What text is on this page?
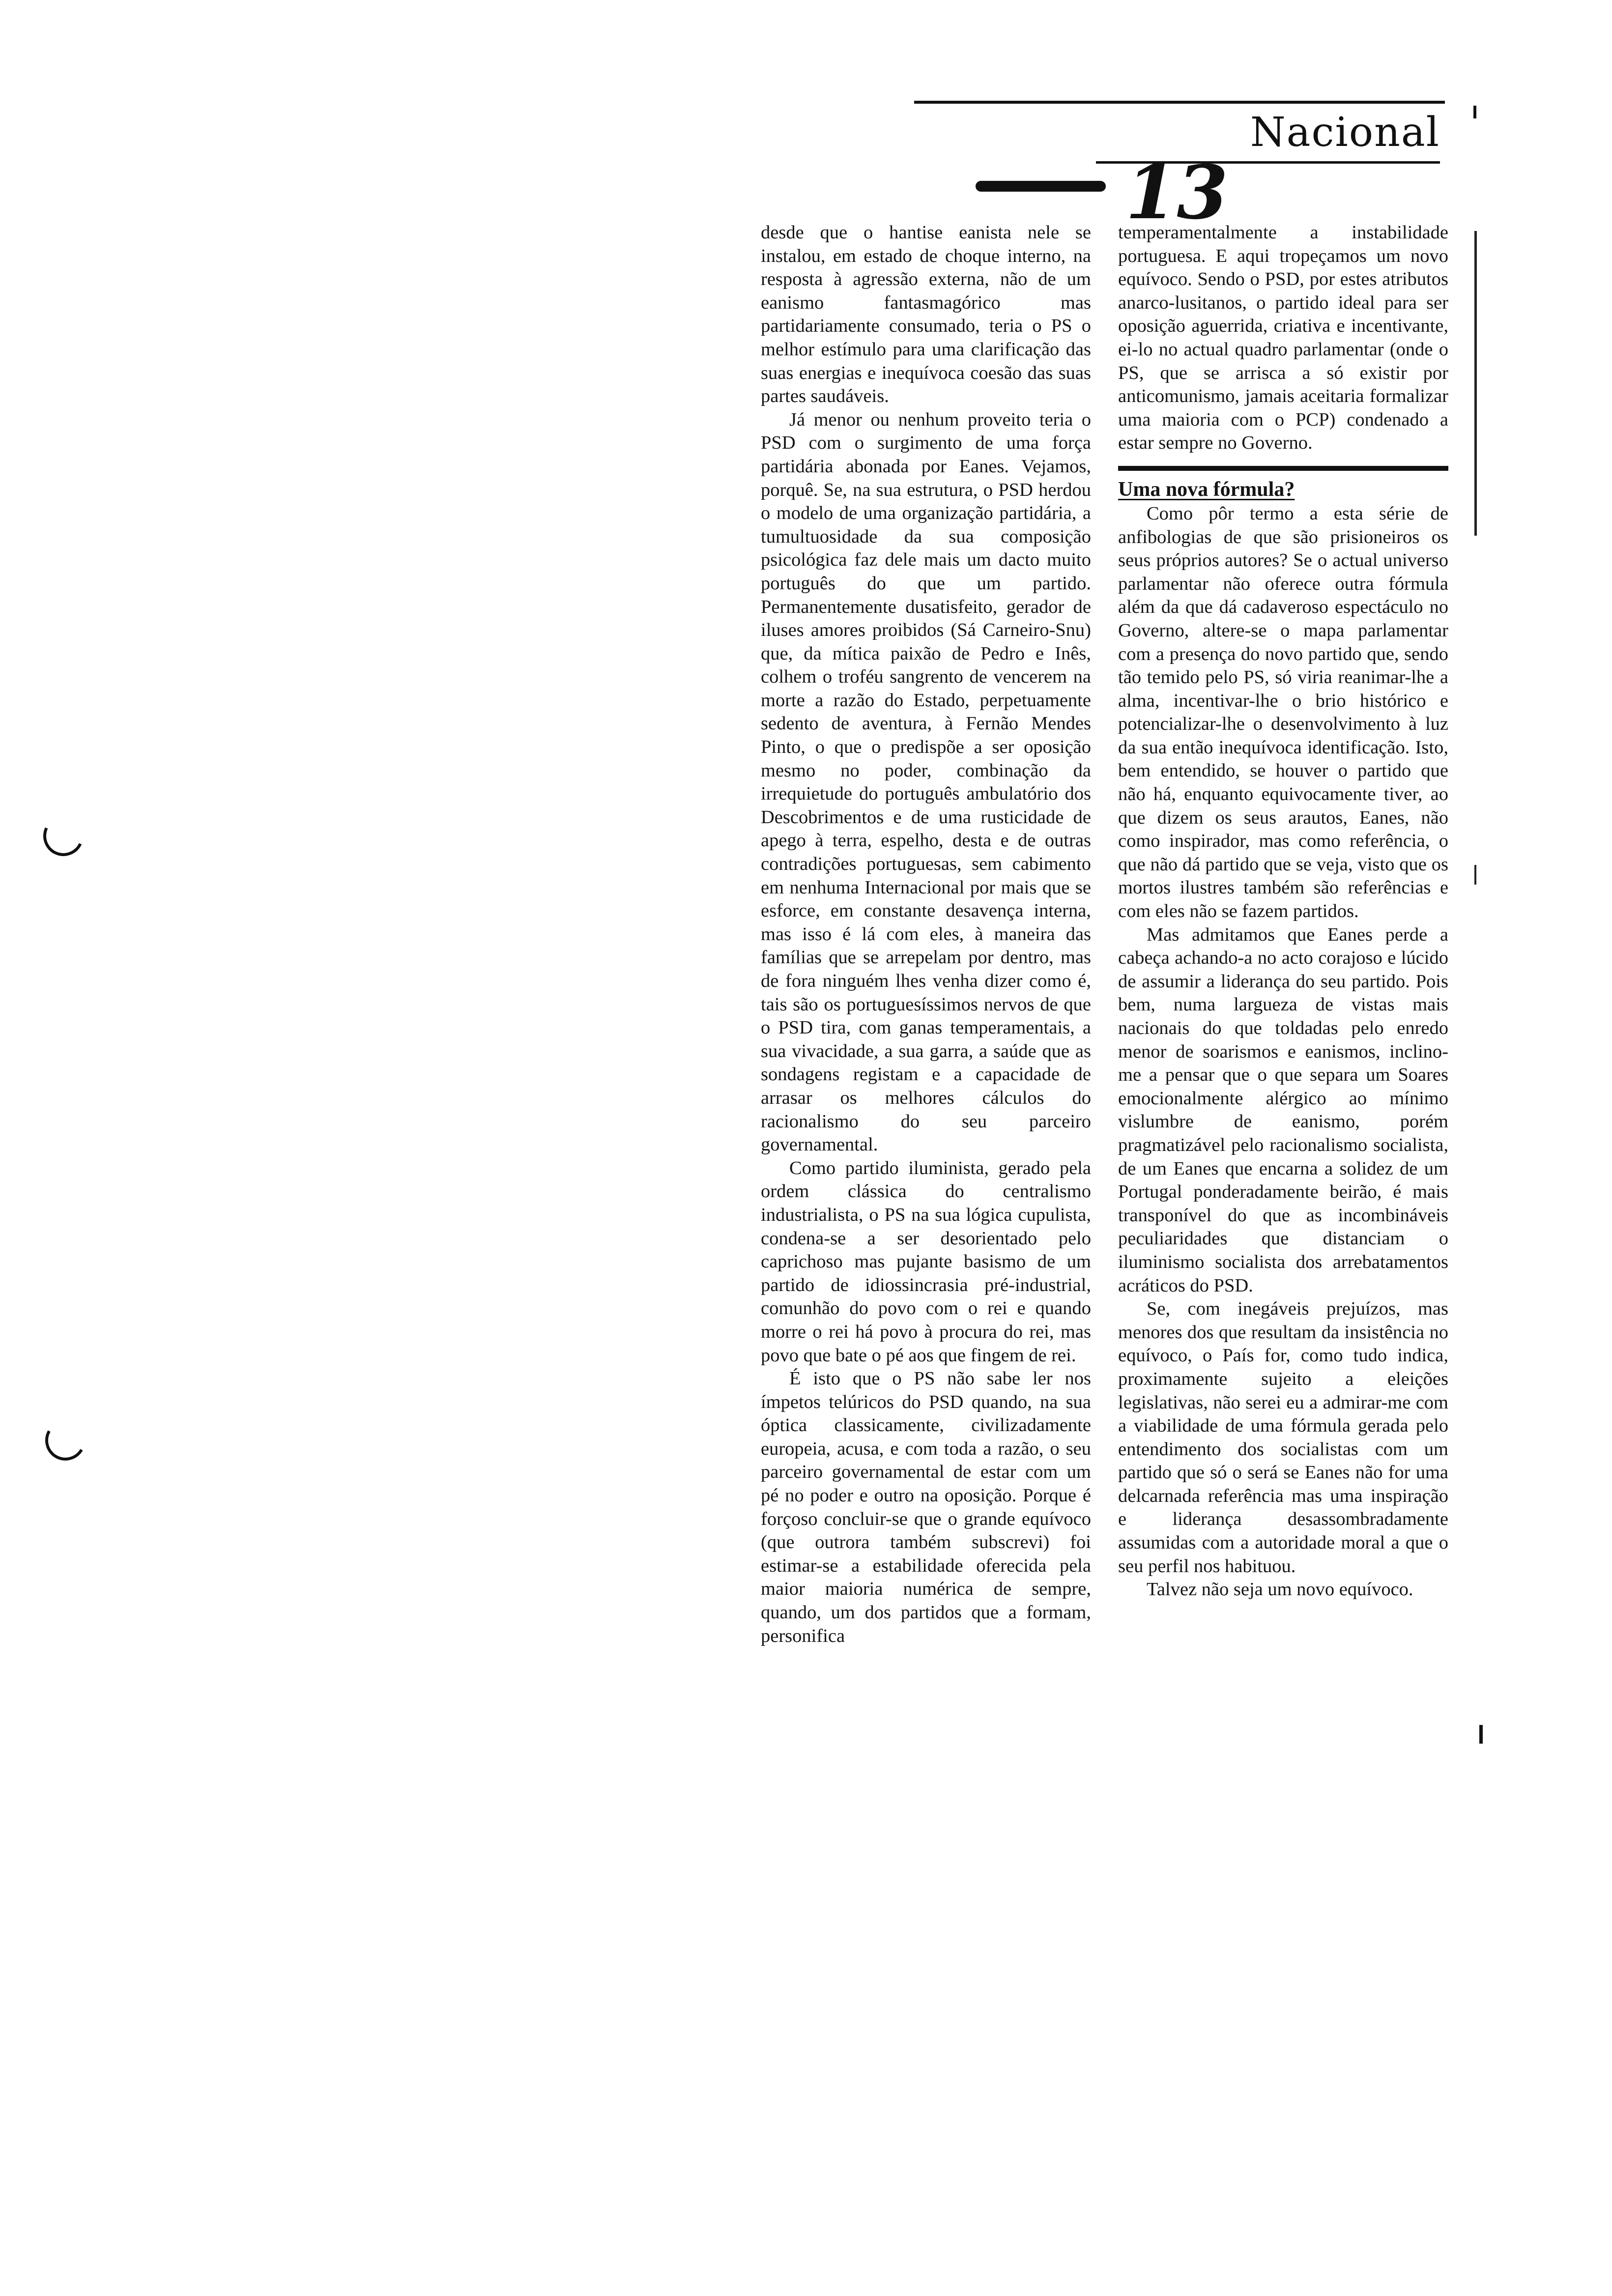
Nacional
13

desde que o hantise eanista nele se instalou, em estado de choque interno, na resposta à agressão externa, não de um eanismo fantasmagórico mas partidariamente consumado, teria o PS o melhor estímulo para uma clarificação das suas energias e inequívoca coesão das suas partes saudáveis.

Já menor ou nenhum proveito teria o PSD com o surgimento de uma força partidária abonada por Eanes. Vejamos, porquê. Se, na sua estrutura, o PSD herdou o modelo de uma organização partidária, a tumultuosidade da sua composição psicológica faz dele mais um dacto muito português do que um partido. Permanentemente dusatisfeito, gerador de iluses amores proibidos (Sá Carneiro-Snu) que, da mítica paixão de Pedro e Inês, colhem o troféu sangrento de vencerem na morte a razão do Estado, perpetuamente sedento de aventura, à Fernão Mendes Pinto, o que o predispõe a ser oposição mesmo no poder, combinação da irrequietude do português ambulatório dos Descobrimentos e de uma rusticidade de apego à terra, espelho, desta e de outras contradições portuguesas, sem cabimento em nenhuma Internacional por mais que se esforce, em constante desavença interna, mas isso é lá com eles, à maneira das famílias que se arrepelam por dentro, mas de fora ninguém lhes venha dizer como é, tais são os portuguesíssimos nervos de que o PSD tira, com ganas temperamentais, a sua vivacidade, a sua garra, a saúde que as sondagens registam e a capacidade de arrasar os melhores cálculos do racionalismo do seu parceiro governamental.

Como partido iluminista, gerado pela ordem clássica do centralismo industrialista, o PS na sua lógica cupulista, condena-se a ser desorientado pelo caprichoso mas pujante basismo de um partido de idiossincrasia pré-industrial, comunhão do povo com o rei e quando morre o rei há povo à procura do rei, mas povo que bate o pé aos que fingem de rei.

É isto que o PS não sabe ler nos ímpetos telúricos do PSD quando, na sua óptica classicamente, civilizadamente europeia, acusa, e com toda a razão, o seu parceiro governamental de estar com um pé no poder e outro na oposição. Porque é forçoso concluir-se que o grande equívoco (que outrora também subscrevi) foi estimar-se a estabilidade oferecida pela maior maioria numérica de sempre, quando, um dos partidos que a formam, personifica

temperamentalmente a instabilidade portuguesa. E aqui tropeçamos um novo equívoco. Sendo o PSD, por estes atributos anarco-lusitanos, o partido ideal para ser oposição aguerrida, criativa e incentivante, ei-lo no actual quadro parlamentar (onde o PS, que se arrisca a só existir por anticomunismo, jamais aceitaria formalizar uma maioria com o PCP) condenado a estar sempre no Governo.

Uma nova fórmula?

Como pôr termo a esta série de anfibologias de que são prisioneiros os seus próprios autores? Se o actual universo parlamentar não oferece outra fórmula além da que dá cadaveroso espectáculo no Governo, altere-se o mapa parlamentar com a presença do novo partido que, sendo tão temido pelo PS, só viria reanimar-lhe a alma, incentivar-lhe o brio histórico e potencializar-lhe o desenvolvimento à luz da sua então inequívoca identificação. Isto, bem entendido, se houver o partido que não há, enquanto equivocamente tiver, ao que dizem os seus arautos, Eanes, não como inspirador, mas como referência, o que não dá partido que se veja, visto que os mortos ilustres também são referências e com eles não se fazem partidos.

Mas admitamos que Eanes perde a cabeça achando-a no acto corajoso e lúcido de assumir a liderança do seu partido. Pois bem, numa largueza de vistas mais nacionais do que toldadas pelo enredo menor de soarismos e eanismos, inclino-me a pensar que o que separa um Soares emocionalmente alérgico ao mínimo vislumbre de eanismo, porém pragmatizável pelo racionalismo socialista, de um Eanes que encarna a solidez de um Portugal ponderadamente beirão, é mais transponível do que as incombináveis peculiaridades que distanciam o iluminismo socialista dos arrebatamentos acráticos do PSD.

Se, com inegáveis prejuízos, mas menores dos que resultam da insistência no equívoco, o País for, como tudo indica, proximamente sujeito a eleições legislativas, não serei eu a admirar-me com a viabilidade de uma fórmula gerada pelo entendimento dos socialistas com um partido que só o será se Eanes não for uma delcarnada referência mas uma inspiração e liderança desassombradamente assumidas com a autoridade moral a que o seu perfil nos habituou.

Talvez não seja um novo equívoco.
